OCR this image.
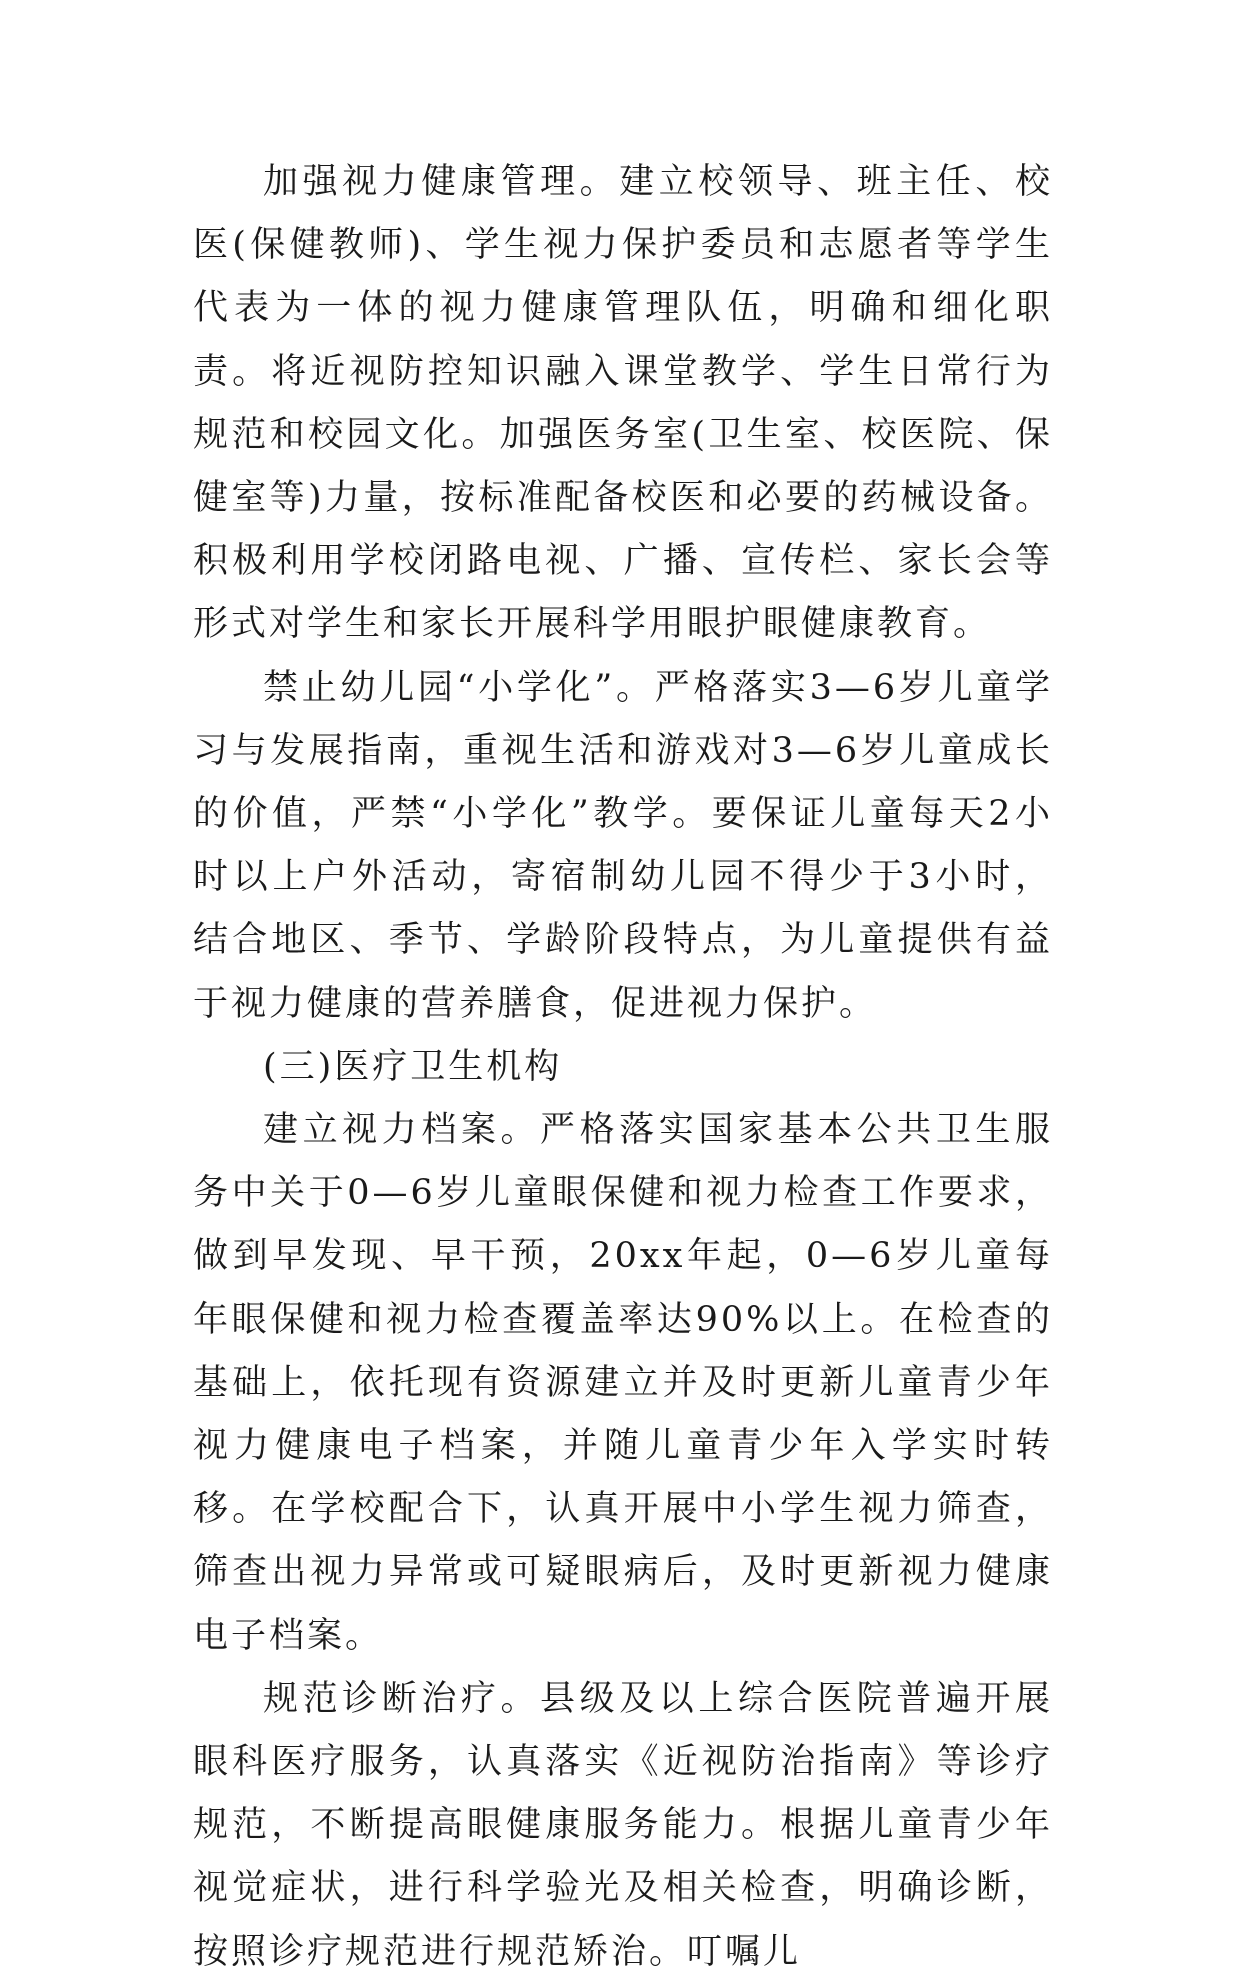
加强视力健康管理。建立校领导、班主任、校医(保健教师)、学生视力保护委员和志愿者等学生代表为一体的视力健康管理队伍，明确和细化职责。将近视防控知识融入课堂教学、学生日常行为规范和校园文化。加强医务室(卫生室、校医院、保健室等)力量，按标准配备校医和必要的药械设备。积极利用学校闭路电视、广播、宣传栏、家长会等形式对学生和家长开展科学用眼护眼健康教育。

禁止幼儿园“小学化”。严格落实3—6岁儿童学习与发展指南，重视生活和游戏对3—6岁儿童成长的价值，严禁“小学化”教学。要保证儿童每天2小时以上户外活动，寄宿制幼儿园不得少于3小时，结合地区、季节、学龄阶段特点，为儿童提供有益于视力健康的营养膳食，促进视力保护。

(三)医疗卫生机构

建立视力档案。严格落实国家基本公共卫生服务中关于0—6岁儿童眼保健和视力检查工作要求，做到早发现、早干预，20xx年起，0—6岁儿童每年眼保健和视力检查覆盖率达90%以上。在检查的基础上，依托现有资源建立并及时更新儿童青少年视力健康电子档案，并随儿童青少年入学实时转移。在学校配合下，认真开展中小学生视力筛查，筛查出视力异常或可疑眼病后，及时更新视力健康电子档案。

规范诊断治疗。县级及以上综合医院普遍开展眼科医疗服务，认真落实《近视防治指南》等诊疗规范，不断提高眼健康服务能力。根据儿童青少年视觉症状，进行科学验光及相关检查，明确诊断，按照诊疗规范进行规范矫治。叮嘱儿
